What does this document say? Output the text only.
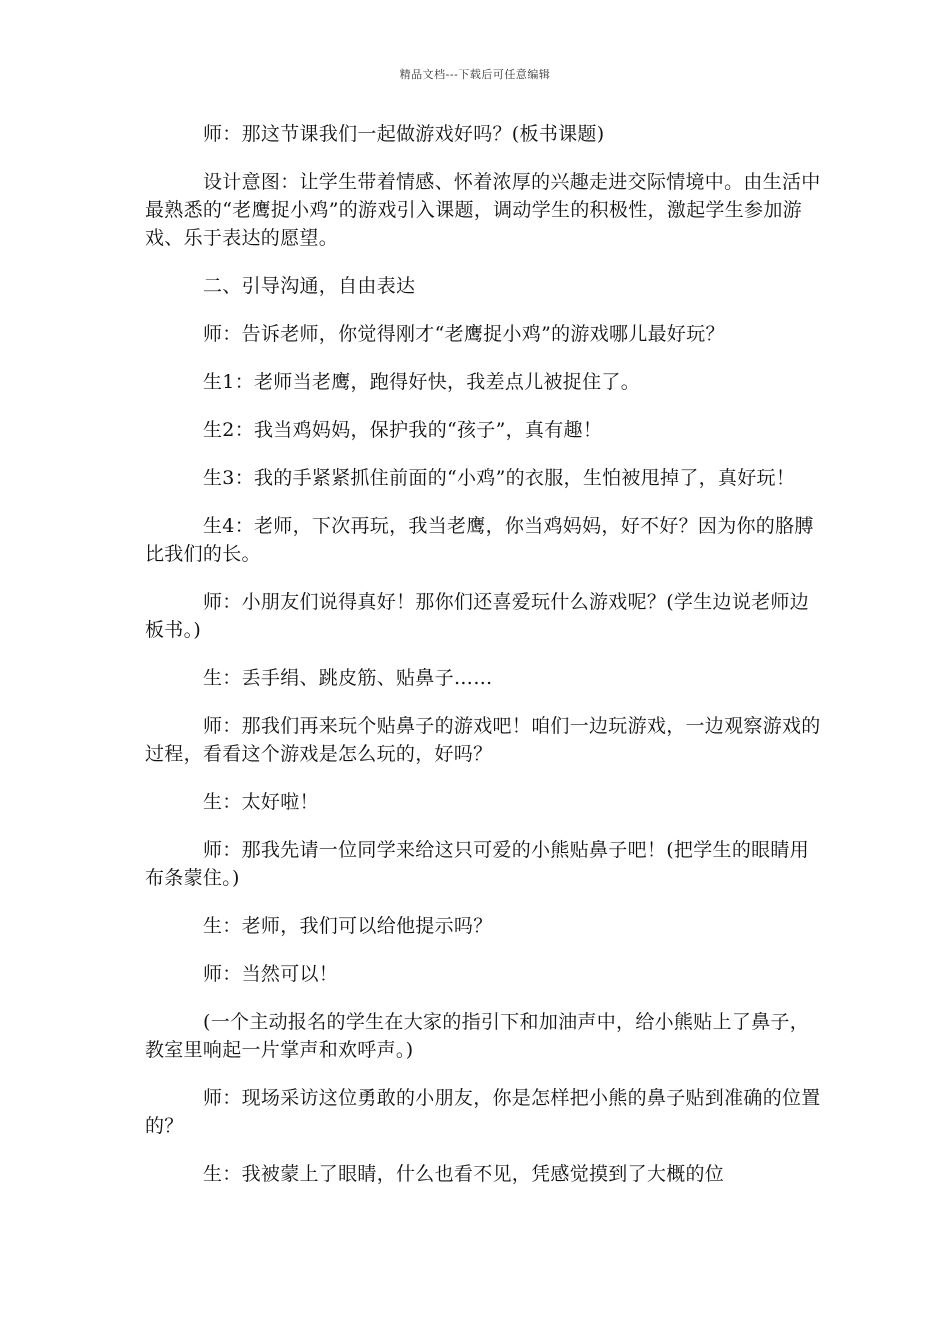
精品文档---下载后可任意编辑

师：那这节课我们一起做游戏好吗？(板书课题)

设计意图：让学生带着情感、怀着浓厚的兴趣走进交际情境中。由生活中最熟悉的“老鹰捉小鸡”的游戏引入课题，调动学生的积极性，激起学生参加游戏、乐于表达的愿望。

二、引导沟通，自由表达

师：告诉老师，你觉得刚才“老鹰捉小鸡”的游戏哪儿最好玩？

生1：老师当老鹰，跑得好快，我差点儿被捉住了。

生2：我当鸡妈妈，保护我的“孩子”，真有趣！

生3：我的手紧紧抓住前面的“小鸡”的衣服，生怕被甩掉了，真好玩！

生4：老师，下次再玩，我当老鹰，你当鸡妈妈，好不好？因为你的胳膊比我们的长。

师：小朋友们说得真好！那你们还喜爱玩什么游戏呢？(学生边说老师边板书。)

生：丢手绢、跳皮筋、贴鼻子……

师：那我们再来玩个贴鼻子的游戏吧！咱们一边玩游戏，一边观察游戏的过程，看看这个游戏是怎么玩的，好吗？

生：太好啦！

师：那我先请一位同学来给这只可爱的小熊贴鼻子吧！(把学生的眼睛用布条蒙住。)

生：老师，我们可以给他提示吗？

师：当然可以！

(一个主动报名的学生在大家的指引下和加油声中，给小熊贴上了鼻子，教室里响起一片掌声和欢呼声。)

师：现场采访这位勇敢的小朋友，你是怎样把小熊的鼻子贴到准确的位置的？

生：我被蒙上了眼睛，什么也看不见，凭感觉摸到了大概的位
